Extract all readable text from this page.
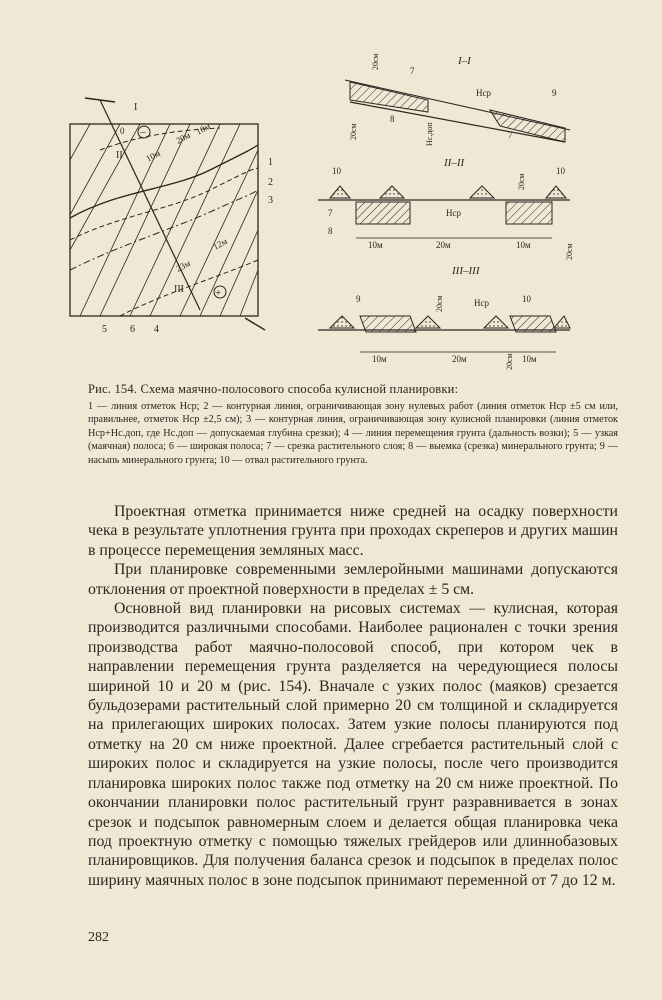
−
+
0
10м
20м
10м
12м
23м
1
2
3
5 6 4
I
II
III
I–I
20см
7
Hср	9
20см
8
Hс.доп	7
II–II
10
20см
10
7
8
Hср
10м	20м	10м	20см
III–III
9	20см	Hср	10
10м	20м	20см 10м
Рис. 154. Схема маячно-полосового способа кулисной планировки:
1 — линия отметок Hср; 2 — контурная линия, ограничивающая зону нулевых работ (линия отметок Hср ±5 см или, правильнее, отметок Hср ±2,5 см); 3 — контурная линия, ограничивающая зону кулисной планировки (линия отметок Hср+Hс.доп, где Hс.доп — допускаемая глубина срезки); 4 — линия перемещения грунта (дальность возки); 5 — узкая (маячная) полоса; 6 — широкая полоса; 7 — срезка растительного слоя; 8 — выемка (срезка) минерального грунта; 9 — насыпь минерального грунта; 10 — отвал растительного грунта.

Проектная отметка принимается ниже средней на осадку поверхности чека в результате уплотнения грунта при проходах скреперов и других машин в процессе перемещения земляных масс.

При планировке современными землеройными машинами допускаются отклонения от проектной поверхности в пределах ± 5 см.

Основной вид планировки на рисовых системах — кулисная, которая производится различными способами. Наиболее рационален с точки зрения производства работ маячно-полосовой способ, при котором чек в направлении перемещения грунта разделяется на чередующиеся полосы шириной 10 и 20 м (рис. 154). Вначале с узких полос (маяков) срезается бульдозерами растительный слой примерно 20 см толщиной и складируется на прилегающих широких полосах. Затем узкие полосы планируются под отметку на 20 см ниже проектной. Далее сгребается растительный слой с широких полос и складируется на узкие полосы, после чего производится планировка широких полос также под отметку на 20 см ниже проектной. По окончании планировки полос растительный грунт разравнивается в зонах срезок и подсыпок равномерным слоем и делается общая планировка чека под проектную отметку с помощью тяжелых грейдеров или длиннобазовых планировщиков. Для получения баланса срезок и подсыпок в пределах полос ширину маячных полос в зоне подсыпок принимают переменной от 7 до 12 м.

282
